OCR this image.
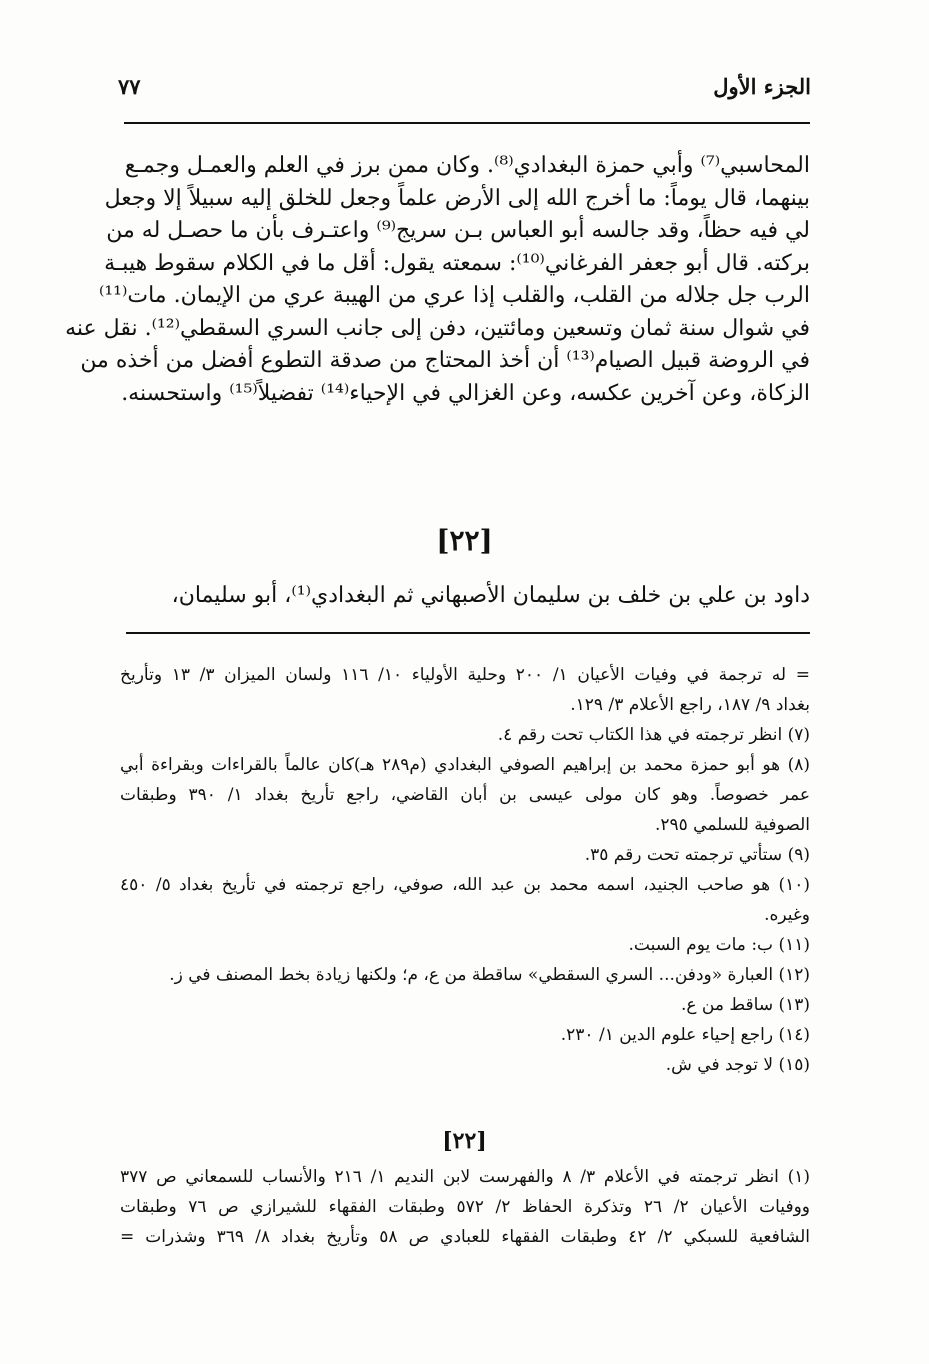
الجزء الأول
٧٧
المحاسبي⁽⁷⁾ وأبي حمزة البغدادي⁽⁸⁾. وكان ممن برز في العلم والعمـل وجمـع
بينهما، قال يوماً: ما أخرج الله إلى الأرض علماً وجعل للخلق إليه سبيلاً إلا وجعل
لي فيه حظاً، وقد جالسه أبو العباس بـن سريج⁽⁹⁾ واعتـرف بأن ما حصـل له من
بركته. قال أبو جعفر الفرغاني⁽¹⁰⁾: سمعته يقول: أقل ما في الكلام سقوط هيبـة
الرب جل جلاله من القلب، والقلب إذا عري من الهيبة عري من الإيمان. مات⁽¹¹⁾
في شوال سنة ثمان وتسعين ومائتين، دفن إلى جانب السري السقطي⁽¹²⁾. نقل عنه
في الروضة قبيل الصيام⁽¹³⁾ أن أخذ المحتاج من صدقة التطوع أفضل من أخذه من
الزكاة، وعن آخرين عكسه، وعن الغزالي في الإحياء⁽¹⁴⁾ تفضيلاً⁽¹⁵⁾ واستحسنه.
[٢٢]
داود بن علي بن خلف بن سليمان الأصبهاني ثم البغدادي⁽¹⁾، أبو سليمان،
= له ترجمة في وفيات الأعيان ١/ ٢٠٠ وحلية الأولياء ١٠/ ١١٦ ولسان الميزان ٣/ ١٣ وتأريخ
بغداد ٩/ ١٨٧، راجع الأعلام ٣/ ١٢٩.
(٧) انظر ترجمته في هذا الكتاب تحت رقم ٤.
(٨) هو أبو حمزة محمد بن إبراهيم الصوفي البغدادي (م٢٨٩ هـ)كان عالماً بالقراءات وبقراءة أبي
عمر خصوصاً. وهو كان مولى عيسى بن أبان القاضي، راجع تأريخ بغداد ١/ ٣٩٠ وطبقات
الصوفية للسلمي ٢٩٥.
(٩) ستأتي ترجمته تحت رقم ٣٥.
(١٠) هو صاحب الجنيد، اسمه محمد بن عبد الله، صوفي، راجع ترجمته في تأريخ بغداد ٥/ ٤٥٠
وغيره.
(١١) ب: مات يوم السبت.
(١٢) العبارة «ودفن... السري السقطي» ساقطة من ع، م؛ ولكنها زيادة بخط المصنف في ز.
(١٣) ساقط من ع.
(١٤) راجع إحياء علوم الدين ١/ ٢٣٠.
(١٥) لا توجد في ش.
[٢٢]
(١) انظر ترجمته في الأعلام ٣/ ٨ والفهرست لابن النديم ١/ ٢١٦ والأنساب للسمعاني ص ٣٧٧
ووفيات الأعيان ٢/ ٢٦ وتذكرة الحفاظ ٢/ ٥٧٢ وطبقات الفقهاء للشيرازي ص ٧٦ وطبقات
الشافعية للسبكي ٢/ ٤٢ وطبقات الفقهاء للعبادي ص ٥٨ وتأريخ بغداد ٨/ ٣٦٩ وشذرات =
